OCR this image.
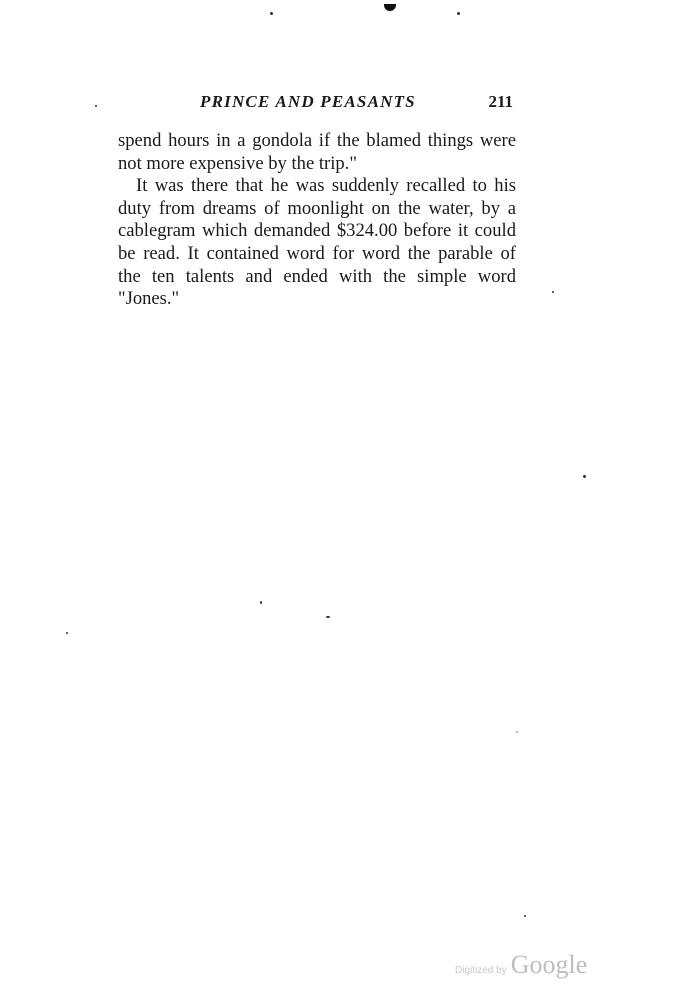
PRINCE AND PEASANTS	211

spend hours in a gondola if the blamed things were not more expensive by the trip."

It was there that he was suddenly recalled to his duty from dreams of moonlight on the water, by a cablegram which demanded $324.00 before it could be read. It contained word for word the parable of the ten talents and ended with the simple word "Jones."

Digitized by Google
